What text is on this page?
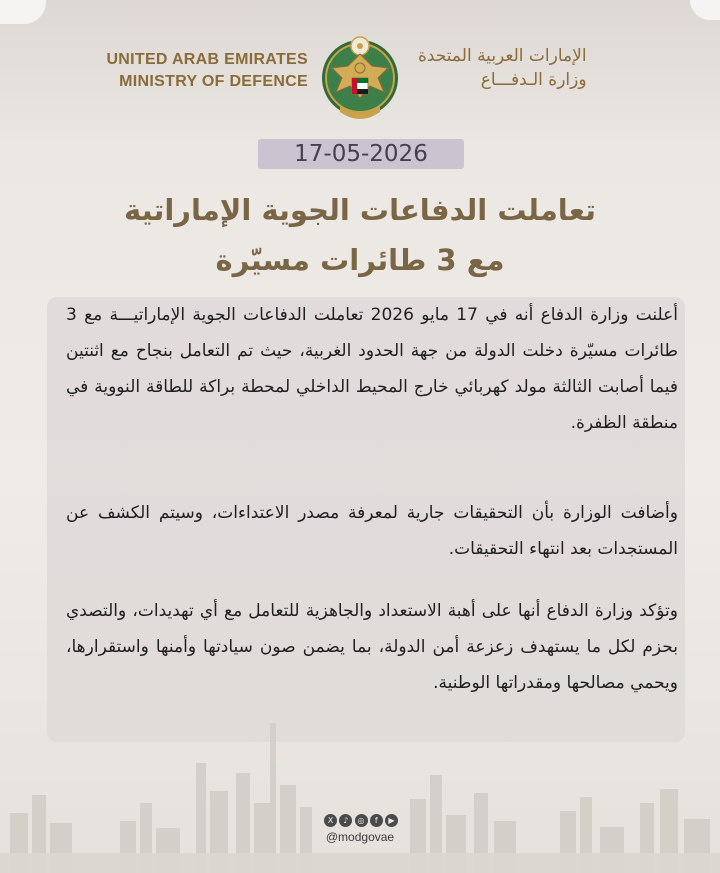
UNITED ARAB EMIRATES
MINISTRY OF DEFENCE
الإمارات العربية المتحدة
وزارة الـدفـــاع
17-05-2026
تعاملت الدفاعات الجوية الإماراتية
مع 3 طائرات مسيّرة
أعلنت وزارة الدفاع أنه في 17 مايو 2026 تعاملت الدفاعات الجوية الإماراتيـــة مع 3 طائرات مسيّرة دخلت الدولة من جهة الحدود الغربية، حيث تم التعامل بنجاح مع اثنتين فيما أصابت الثالثة مولد كهربائي خارج المحيط الداخلي لمحطة براكة للطاقة النووية في منطقة الظفرة.
وأضافت الوزارة بأن التحقيقات جارية لمعرفة مصدر الاعتداءات، وسيتم الكشف عن المستجدات بعد انتهاء التحقيقات.
وتؤكد وزارة الدفاع أنها على أهبة الاستعداد والجاهزية للتعامل مع أي تهديدات، والتصدي بحزم لكل ما يستهدف زعزعة أمن الدولة، بما يضمن صون سيادتها وأمنها واستقرارها، ويحمي مصالحها ومقدراتها الوطنية.
X	♪	◎	f	▶
@modgovae
